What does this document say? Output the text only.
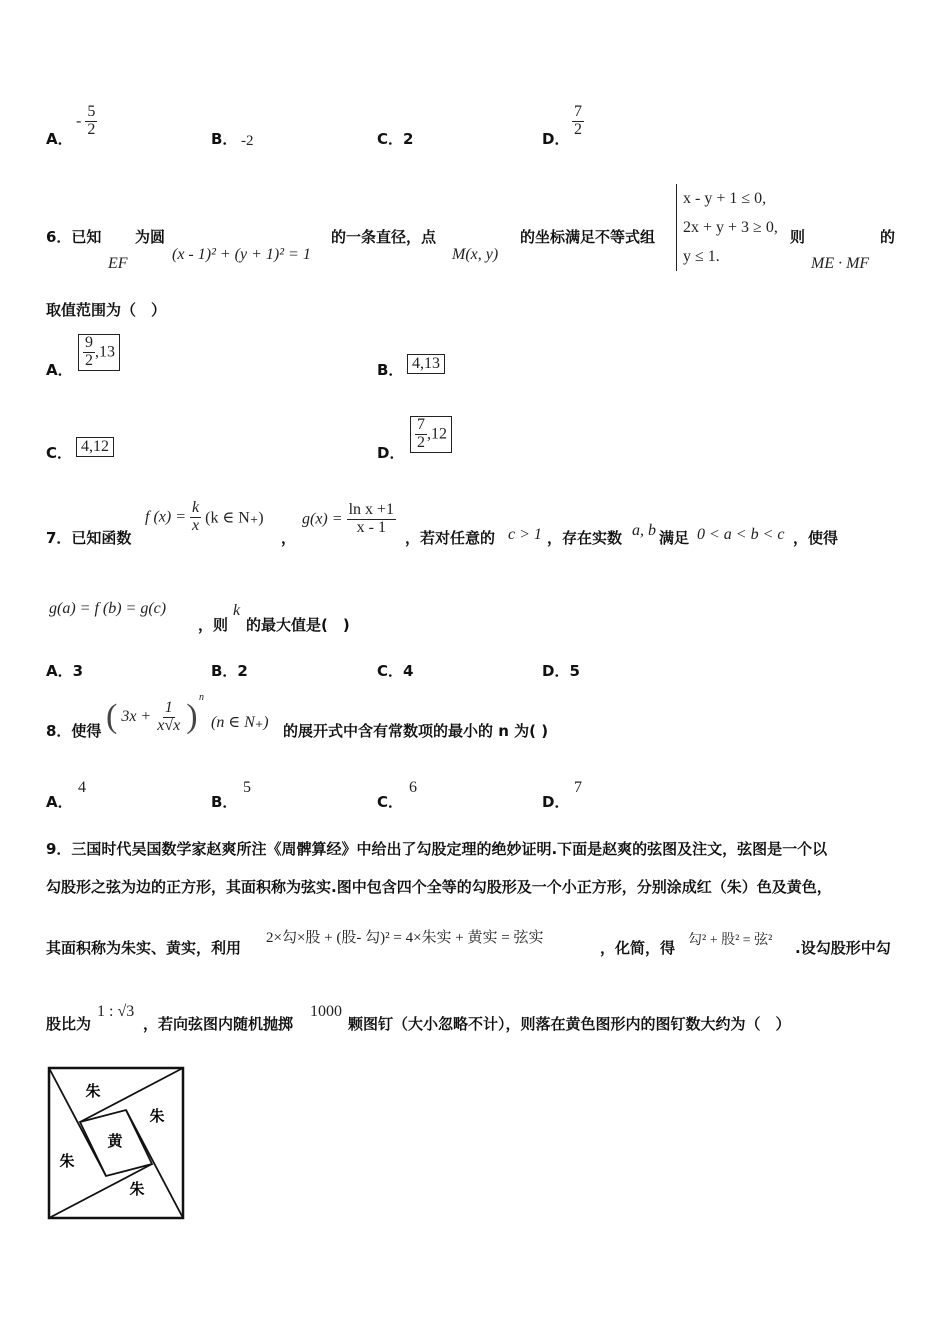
A．
- $\frac{5}{2}$
B． -2	C．2	D．
$\frac{7}{2}$
6．已知
EF
为圆
(x - 1)² + (y + 1)² = 1
的一条直径，点
M(x, y)
的坐标满足不等式组
x - y + 1 ≤ 0,
2x + y + 3 ≥ 0,
y ≤ 1.
则
ME · MF
的
取值范围为（　）
A．
$\frac{9}{2} ,13$
B． 4,13
C． 4,12	D．
$\frac{7}{2} ,12$
7．已知函数
f $(x) = \frac{k}{x} (k$ ∈ N₊)
，
$g(x) = \frac{\text{ln x +1}}{x - 1}$
，若对任意的 c > 1 ，存在实数 a, b 满足 0 < a < b < c ，使得
g(a) = f (b) = g(c)
，则
k
的最大值是(　)
A．3	B．2	C．4	D．5
8．使得 ( $3x + \frac{1}{x√x}$ )
n
(n ∈ N₊) 的展开式中含有常数项的最小的 n 为( )
A．
4
B．
5
C．
6
D．
7
9．三国时代吴国数学家赵爽所注《周髀算经》中给出了勾股定理的绝妙证明.下面是赵爽的弦图及注文，弦图是一个以
勾股形之弦为边的正方形，其面积称为弦实.图中包含四个全等的勾股形及一个小正方形，分别涂成红（朱）色及黄色，
其面积称为朱实、黄实，利用
2×勾×股 + (股- 勾)² = 4×朱实 + 黄实 = 弦实
，化简，得 勾² + 股² = 弦² .设勾股形中勾
股比为
1 : √3
，若向弦图内随机抛掷
1000
颗图钉（大小忽略不计），则落在黄色图形内的图钉数大约为（　）
朱
朱
黄
朱
朱
